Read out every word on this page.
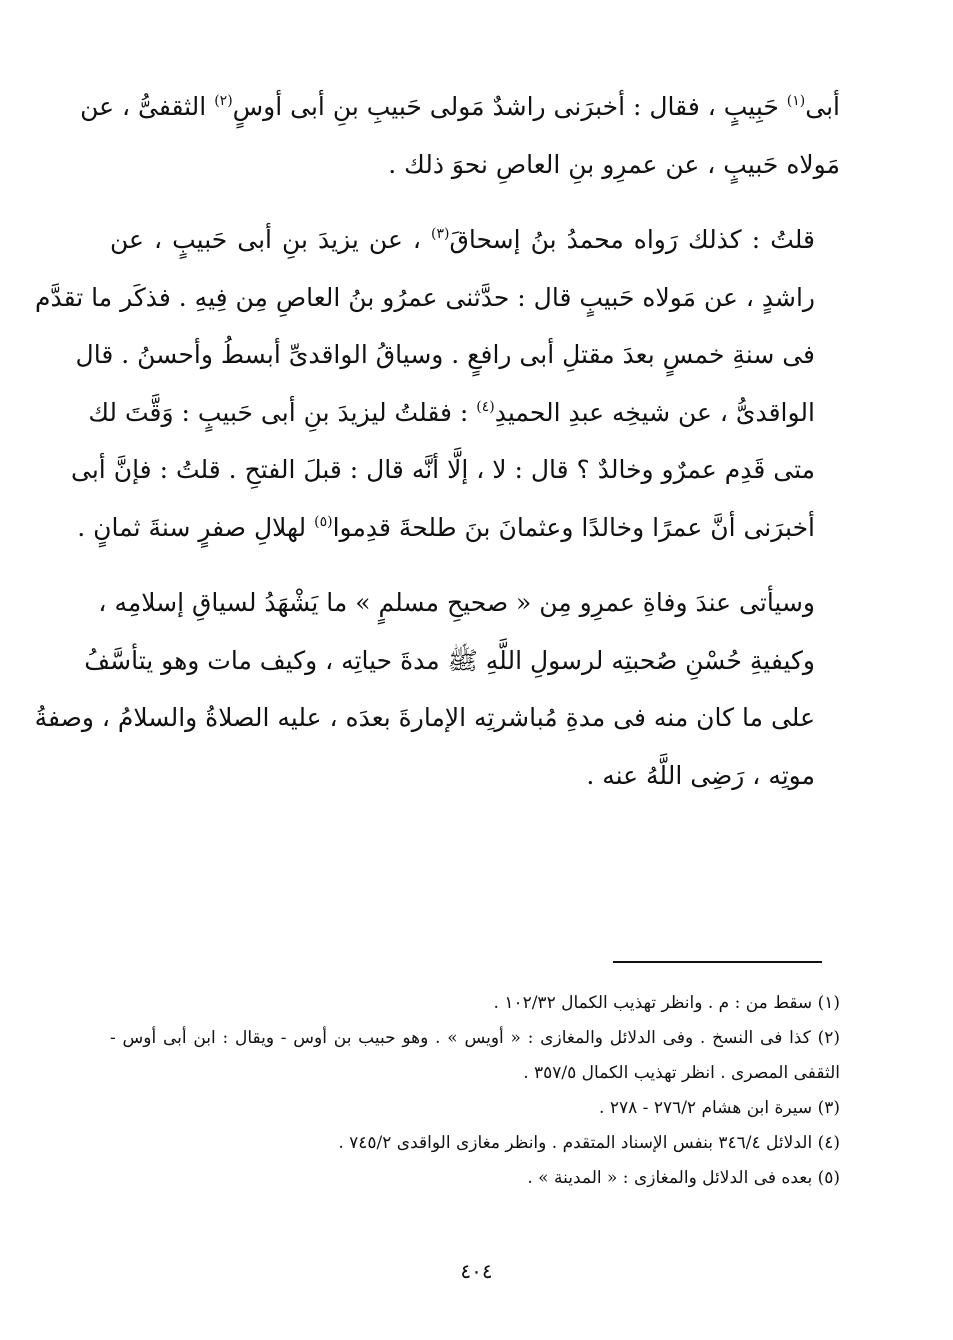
أبى$^{(١)}$ حَبِيبٍ ، فقال : أخبرَنى راشدٌ مَولى حَبيبِ بنِ أبى أوسٍ$^{(٢)}$ الثقفىُّ ، عن
مَولاه حَبيبٍ ، عن عمرِو بنِ العاصِ نحوَ ذلك .
قلتُ : كذلك رَواه محمدُ بنُ إسحاقَ$^{(٣)}$ ، عن يزيدَ بنِ أبى حَبيبٍ ، عن
راشدٍ ، عن مَولاه حَبيبٍ قال : حدَّثنى عمرُو بنُ العاصِ مِن فِيهِ . فذكَر ما تقدَّم
فى سنةِ خمسٍ بعدَ مقتلِ أبى رافعٍ . وسياقُ الواقدىِّ أبسطُ وأحسنُ . قال
الواقدىُّ ، عن شيخِه عبدِ الحميدِ$^{(٤)}$ : فقلتُ ليزيدَ بنِ أبى حَبيبٍ : وَقَّتَ لك
متى قَدِم عمرٌو وخالدٌ ؟ قال : لا ، إلَّا أنَّه قال : قبلَ الفتحِ . قلتُ : فإنَّ أبى
أخبرَنى أنَّ عمرًا وخالدًا وعثمانَ بنَ طلحةَ قدِموا$^{(٥)}$ لهلالِ صفرٍ سنةَ ثمانٍ .
وسيأتى عندَ وفاةِ عمرِو مِن « صحيحِ مسلمٍ » ما يَشْهَدُ لسياقِ إسلامِه ،
وكيفيةِ حُسْنِ صُحبتِه لرسولِ اللَّهِ ﷺ مدةَ حياتِه ، وكيف مات وهو يتأسَّفُ
على ما كان منه فى مدةِ مُباشرتِه الإمارةَ بعدَه ، عليه الصلاةُ والسلامُ ، وصفةُ
موتِه ، رَضِى اللَّهُ عنه .
(١) سقط من : م . وانظر تهذيب الكمال ١٠٢/٣٢ .
(٢) كذا فى النسخ . وفى الدلائل والمغازى : « أويس » . وهو حبيب بن أوس - ويقال : ابن أبى أوس -
الثقفى المصرى . انظر تهذيب الكمال ٣٥٧/٥ .
(٣) سيرة ابن هشام ٢٧٦/٢ - ٢٧٨ .
(٤) الدلائل ٣٤٦/٤ بنفس الإسناد المتقدم . وانظر مغازى الواقدى ٧٤٥/٢ .
(٥) بعده فى الدلائل والمغازى : « المدينة » .
٤٠٤
